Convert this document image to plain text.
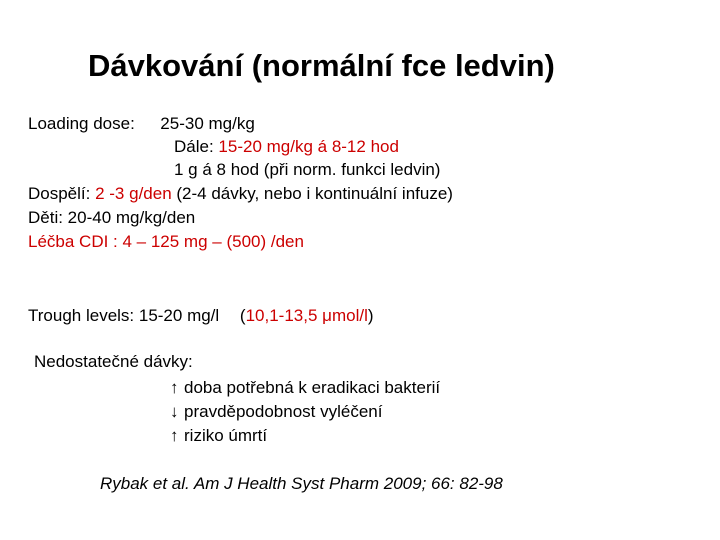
Dávkování (normální fce ledvin)
Loading dose: 25-30 mg/kg
Dále: 15-20 mg/kg á 8-12 hod
1 g á 8 hod (při norm. funkci ledvin)
Dospělí: 2 -3 g/den (2-4 dávky, nebo i kontinuální infuze)
Děti: 20-40 mg/kg/den
Léčba CDI : 4 – 125 mg – (500) /den
Trough levels: 15-20 mg/l (10,1-13,5 μmol/l)
Nedostatečné dávky:
↑ doba potřebná k eradikaci bakterií
↓ pravděpodobnost vyléčení
↑ riziko úmrtí
Rybak et al. Am J Health Syst Pharm 2009; 66: 82-98
